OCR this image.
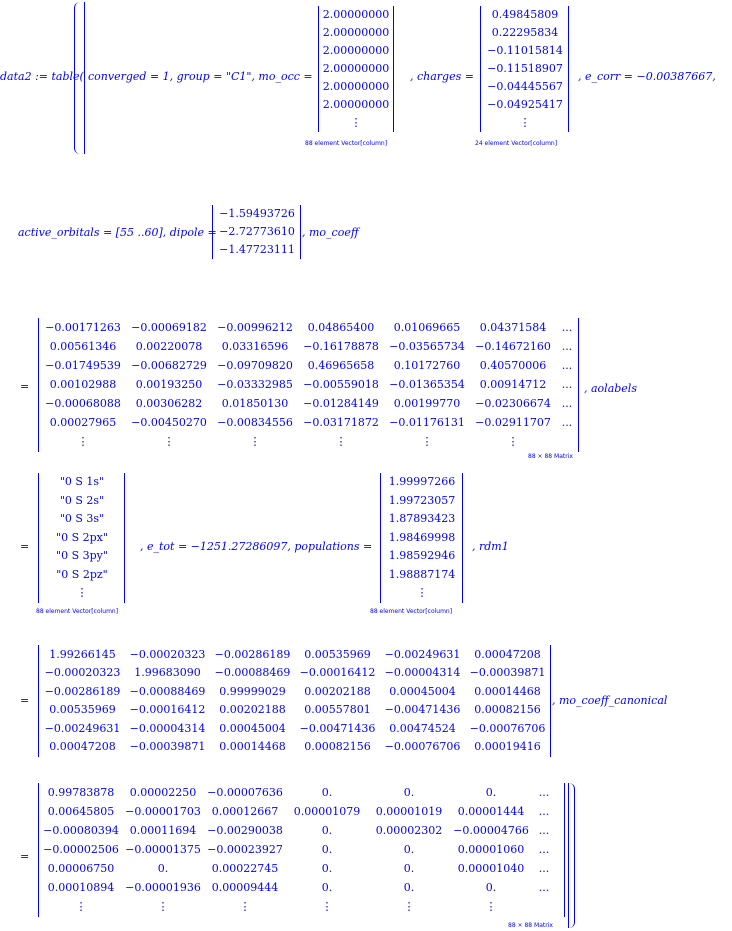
data2 := table( converged = 1, group = "C1", mo_occ =
2.00000000
2.00000000
2.00000000
2.00000000
2.00000000
2.00000000
⋮
88 element Vector[column]
, charges =
0.49845809
0.22295834
−0.11015814
−0.11518907
−0.04445567
−0.04925417
⋮
24 element Vector[column]
, e_corr = −0.00387667,
active_orbitals = [55 ..60], dipole =
−1.59493726
−2.72773610
−1.47723111
, mo_coeff
=
−0.00171263 −0.00069182 −0.00996212	0.04865400	0.01069665	0.04371584	...
0.00561346	0.00220078	0.03316596	−0.16178878 −0.03565734 −0.14672160 ...
−0.01749539 −0.00682729 −0.09709820	0.46965658	0.10172760	0.40570006	...
0.00102988	0.00193250	−0.03332985 −0.00559018 −0.01365354	0.00914712	...
−0.00068088	0.00306282	0.01850130	−0.01284149	0.00199770	−0.02306674 ...
0.00027965	−0.00450270 −0.00834556 −0.03171872 −0.01176131 −0.02911707 ...
⋮	⋮	⋮	⋮	⋮	⋮
, aolabels
88 × 88 Matrix
=
"0 S 1s"
"0 S 2s"
"0 S 3s"
"0 S 2px"
"0 S 3py"
"0 S 2pz"
⋮
88 element Vector[column]
, e_tot = −1251.27286097, populations =
1.99997266
1.99723057
1.87893423
1.98469998
1.98592946
1.98887174
⋮
88 element Vector[column]
, rdm1
=
1.99266145	−0.00020323 −0.00286189	0.00535969	−0.00249631	0.00047208
−0.00020323	1.99683090	−0.00088469 −0.00016412 −0.00004314 −0.00039871
−0.00286189 −0.00088469	0.99999029	0.00202188	0.00045004	0.00014468
0.00535969	−0.00016412	0.00202188	0.00557801	−0.00471436	0.00082156
−0.00249631 −0.00004314	0.00045004	−0.00471436	0.00474524	−0.00076706
0.00047208	−0.00039871	0.00014468	0.00082156	−0.00076706	0.00019416
, mo_coeff_canonical
=
0.99783878	0.00002250 −0.00007636	0.	0.	0.	...
0.00645805 −0.00001703 0.00012667	0.00001079	0.00001019	0.00001444	...
−0.00080394 0.00011694 −0.00290038	0.	0.00002302 −0.00004766 ...
−0.00002506 −0.00001375 −0.00023927	0.	0.	0.00001060	...
0.00006750	0.	0.00022745	0.	0.	0.00001040	...
0.00010894 −0.00001936 0.00009444	0.	0.	0.	...
⋮	⋮	⋮	⋮	⋮	⋮
88 × 88 Matrix
